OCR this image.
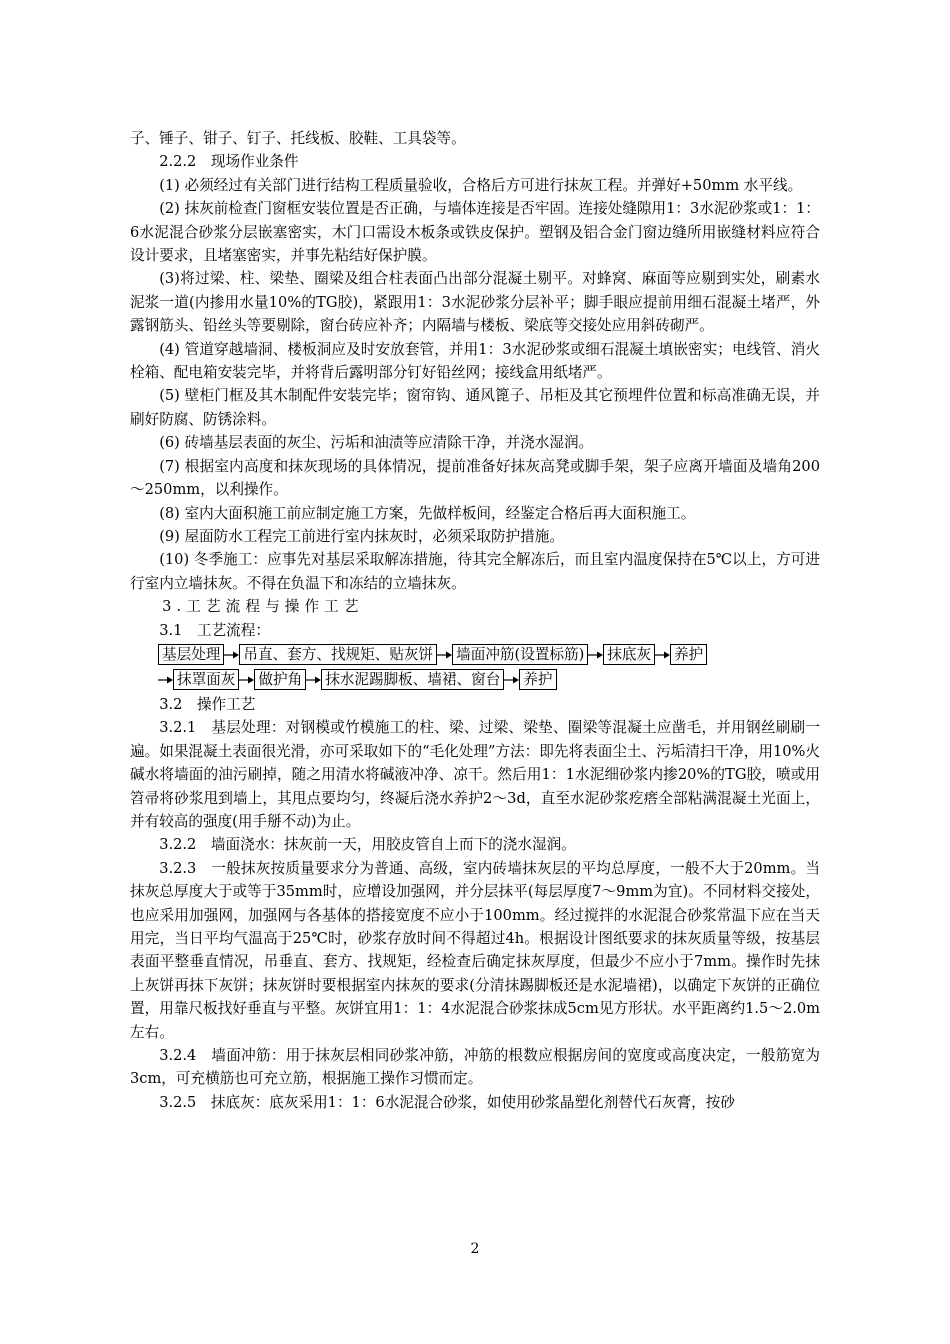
子、锤子、钳子、钉子、托线板、胶鞋、工具袋等。

2.2.2　现场作业条件

(1) 必须经过有关部门进行结构工程质量验收，合格后方可进行抹灰工程。并弹好+50mm 水平线。

(2) 抹灰前检查门窗框安装位置是否正确，与墙体连接是否牢固。连接处缝隙用1：3水泥砂浆或1：1：6水泥混合砂浆分层嵌塞密实，木门口需设木板条或铁皮保护。塑钢及铝合金门窗边缝所用嵌缝材料应符合设计要求，且堵塞密实，并事先粘结好保护膜。

(3)将过梁、柱、梁垫、圈梁及组合柱表面凸出部分混凝土剔平。对蜂窝、麻面等应剔到实处，刷素水泥浆一道(内掺用水量10%的TG胶)，紧跟用1：3水泥砂浆分层补平；脚手眼应提前用细石混凝土堵严，外露钢筋头、铅丝头等要剔除，窗台砖应补齐；内隔墙与楼板、梁底等交接处应用斜砖砌严。

(4) 管道穿越墙洞、楼板洞应及时安放套管，并用1：3水泥砂浆或细石混凝土填嵌密实；电线管、消火栓箱、配电箱安装完毕，并将背后露明部分钉好铅丝网；接线盒用纸堵严。

(5) 壁柜门框及其木制配件安装完毕；窗帘钩、通风篦子、吊柜及其它预埋件位置和标高准确无误，并刷好防腐、防锈涂料。

(6) 砖墙基层表面的灰尘、污垢和油渍等应清除干净，并浇水湿润。

(7) 根据室内高度和抹灰现场的具体情况，提前准备好抹灰高凳或脚手架，架子应离开墙面及墙角200～250mm，以利操作。

(8) 室内大面积施工前应制定施工方案，先做样板间，经鉴定合格后再大面积施工。

(9) 屋面防水工程完工前进行室内抹灰时，必须采取防护措施。

(10) 冬季施工：应事先对基层采取解冻措施，待其完全解冻后，而且室内温度保持在5℃以上，方可进行室内立墙抹灰。不得在负温下和冻结的立墙抹灰。

3.工艺流程与操作工艺

3.1　工艺流程：

基层处理 吊直、套方、找规矩、贴灰饼 墙面冲筋(设置标筋) 抹底灰 养护
抹罩面灰 做护角 抹水泥踢脚板、墙裙、窗台 养护

3.2　操作工艺

3.2.1　基层处理：对钢模或竹模施工的柱、梁、过梁、梁垫、圈梁等混凝土应凿毛，并用钢丝刷刷一遍。如果混凝土表面很光滑，亦可采取如下的“毛化处理”方法：即先将表面尘土、污垢清扫干净，用10%火碱水将墙面的油污刷掉，随之用清水将碱液冲净、凉干。然后用1：1水泥细砂浆内掺20%的TG胶，喷或用笤帚将砂浆甩到墙上，其甩点要均匀，终凝后浇水养护2～3d，直至水泥砂浆疙瘩全部粘满混凝土光面上，并有较高的强度(用手掰不动)为止。

3.2.2　墙面浇水：抹灰前一天，用胶皮管自上而下的浇水湿润。

3.2.3　一般抹灰按质量要求分为普通、高级，室内砖墙抹灰层的平均总厚度，一般不大于20mm。当抹灰总厚度大于或等于35mm时，应增设加强网，并分层抹平(每层厚度7～9mm为宜)。不同材料交接处，也应采用加强网，加强网与各基体的搭接宽度不应小于100mm。经过搅拌的水泥混合砂浆常温下应在当天用完，当日平均气温高于25℃时，砂浆存放时间不得超过4h。根据设计图纸要求的抹灰质量等级，按基层表面平整垂直情况，吊垂直、套方、找规矩，经检查后确定抹灰厚度，但最少不应小于7mm。操作时先抹上灰饼再抹下灰饼；抹灰饼时要根据室内抹灰的要求(分清抹踢脚板还是水泥墙裙)，以确定下灰饼的正确位置，用靠尺板找好垂直与平整。灰饼宜用1：1：4水泥混合砂浆抹成5cm见方形状。水平距离约1.5～2.0m 左右。

3.2.4　墙面冲筋：用于抹灰层相同砂浆冲筋，冲筋的根数应根据房间的宽度或高度决定，一般筋宽为3cm，可充横筋也可充立筋，根据施工操作习惯而定。

3.2.5　抹底灰：底灰采用1：1：6水泥混合砂浆，如使用砂浆晶塑化剂替代石灰膏，按砂

2
